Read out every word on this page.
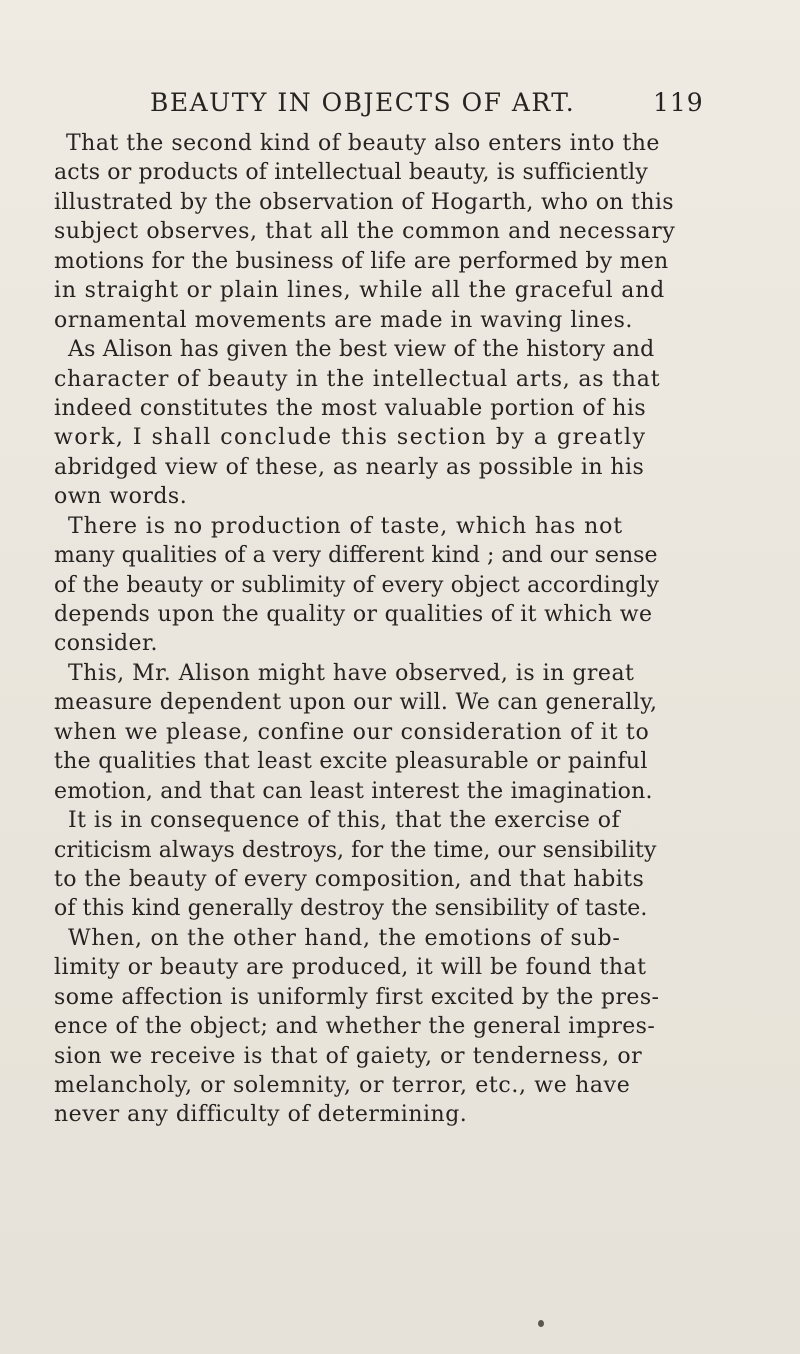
BEAUTY IN OBJECTS OF ART.	119
That the second kind of beauty also enters into the
acts or products of intellectual beauty, is sufficiently
illustrated by the observation of Hogarth, who on this
subject observes, that all the common and necessary
motions for the business of life are performed by men
in straight or plain lines, while all the graceful and
ornamental movements are made in waving lines.
As Alison has given the best view of the history and
character of beauty in the intellectual arts, as that
indeed constitutes the most valuable portion of his
work, I shall conclude this section by a greatly
abridged view of these, as nearly as possible in his
own words.
There is no production of taste, which has not
many qualities of a very different kind ; and our sense
of the beauty or sublimity of every object accordingly
depends upon the quality or qualities of it which we
consider.
This, Mr. Alison might have observed, is in great
measure dependent upon our will. We can generally,
when we please, confine our consideration of it to
the qualities that least excite pleasurable or painful
emotion, and that can least interest the imagination.
It is in consequence of this, that the exercise of
criticism always destroys, for the time, our sensibility
to the beauty of every composition, and that habits
of this kind generally destroy the sensibility of taste.
When, on the other hand, the emotions of sub-
limity or beauty are produced, it will be found that
some affection is uniformly first excited by the pres-
ence of the object; and whether the general impres-
sion we receive is that of gaiety, or tenderness, or
melancholy, or solemnity, or terror, etc., we have
never any difficulty of determining.
